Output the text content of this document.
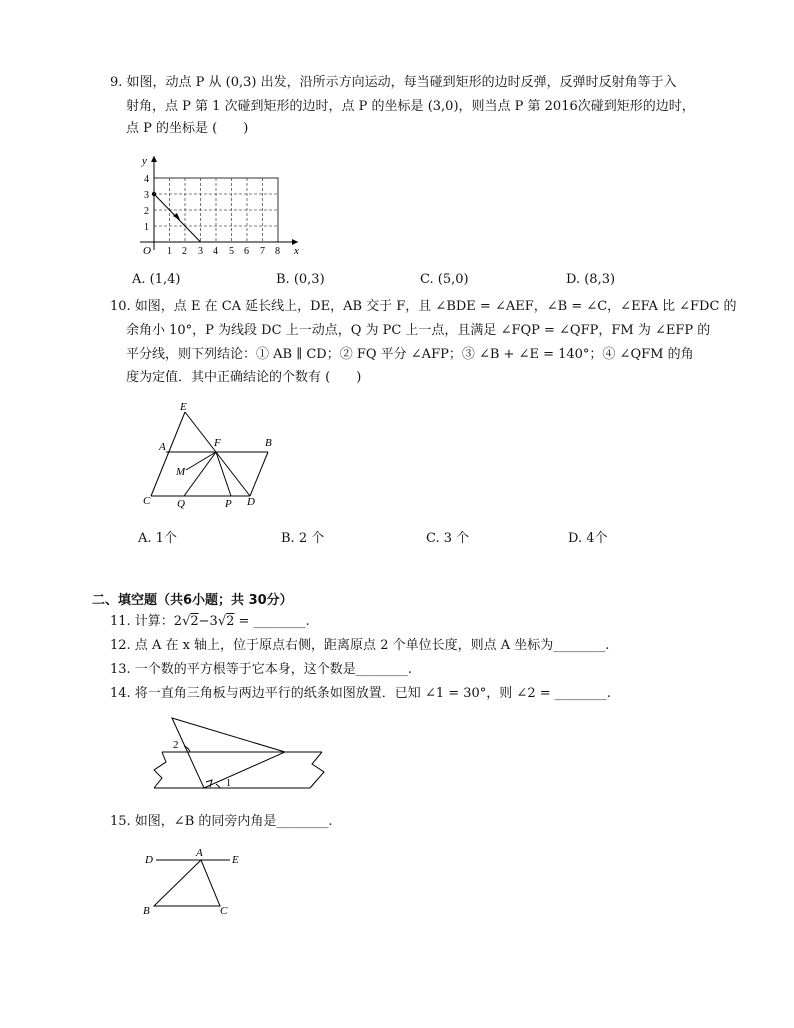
9. 如图，动点 P 从 (0,3) 出发，沿所示方向运动，每当碰到矩形的边时反弹，反弹时反射角等于入
射角，点 P 第 1 次碰到矩形的边时，点 P 的坐标是 (3,0)，则当点 P 第 2016次碰到矩形的边时，
点 P 的坐标是 (　　)
y
x
O
1
2
3
4
1 2 3 4 5 6 7 8
A. (1,4)	B. (0,3)	C. (5,0)	D. (8,3)
10. 如图，点 E 在 CA 延长线上，DE，AB 交于 F，且 ∠BDE = ∠AEF，∠B = ∠C，∠EFA 比 ∠FDC 的
余角小 10°，P 为线段 DC 上一动点，Q 为 PC 上一点，且满足 ∠FQP = ∠QFP，FM 为 ∠EFP 的
平分线，则下列结论：① AB ∥ CD；② FQ 平分 ∠AFP；③ ∠B + ∠E = 140°；④ ∠QFM 的角
度为定值．其中正确结论的个数有 (　　)
E
A	F	B
M
C Q	P D
A. 1个	B. 2 个	C. 3 个	D. 4个
二、填空题（共6小题；共 30分）
11. 计算：2√2−3√2 = ________.
12. 点 A 在 x 轴上，位于原点右侧，距离原点 2 个单位长度，则点 A 坐标为________.
13. 一个数的平方根等于它本身，这个数是________.
14. 将一直角三角板与两边平行的纸条如图放置．已知 ∠1 = 30°，则 ∠2 = ________.
2
1
15. 如图，∠B 的同旁内角是________.
D
A
E
B	C
